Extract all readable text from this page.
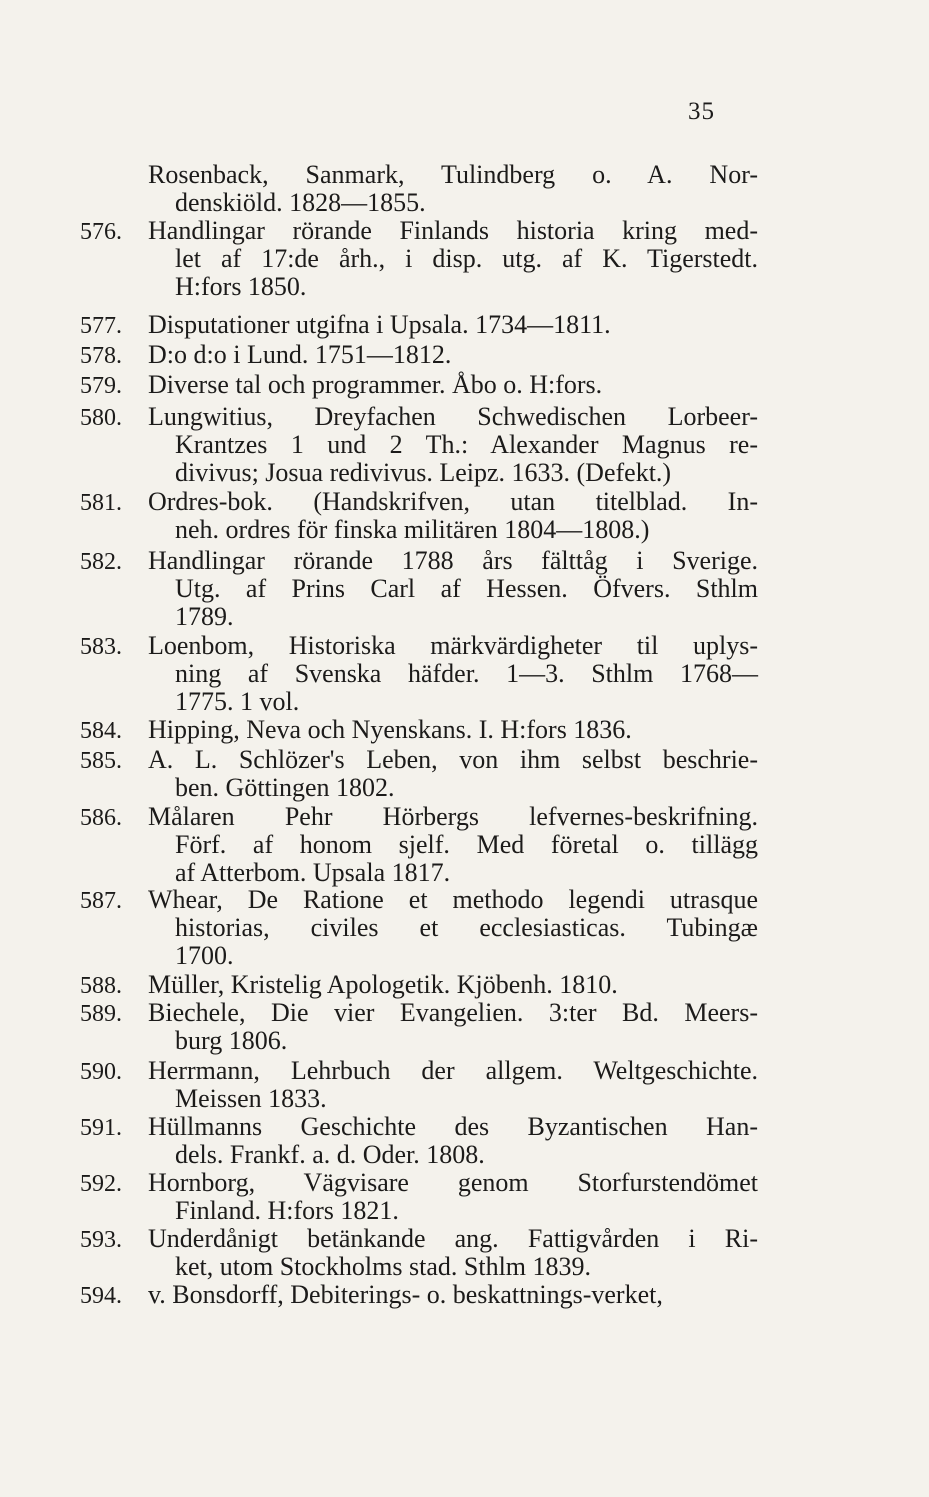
35
Rosenback, Sanmark, Tulindberg o. A. Nor-
denskiöld. 1828—1855.
576.	Handlingar rörande Finlands historia kring med-
let af 17:de årh., i disp. utg. af K. Tigerstedt.
H:fors 1850.
577.	Disputationer utgifna i Upsala. 1734—1811.
578.	D:o d:o i Lund. 1751—1812.
579.	Diverse tal och programmer. Åbo o. H:fors.
580.	Lungwitius, Dreyfachen Schwedischen Lorbeer-
Krantzes 1 und 2 Th.: Alexander Magnus re-
divivus; Josua redivivus. Leipz. 1633. (Defekt.)
581.	Ordres-bok. (Handskrifven, utan titelblad. In-
neh. ordres för finska militären 1804—1808.)
582.	Handlingar rörande 1788 års fälttåg i Sverige.
Utg. af Prins Carl af Hessen. Öfvers. Sthlm
1789.
583.	Loenbom, Historiska märkvärdigheter til uplys-
ning af Svenska häfder. 1—3. Sthlm 1768—
1775. 1 vol.
584.	Hipping, Neva och Nyenskans. I. H:fors 1836.
585.	A. L. Schlözer's Leben, von ihm selbst beschrie-
ben. Göttingen 1802.
586.	Målaren Pehr Hörbergs lefvernes-beskrifning.
Förf. af honom sjelf. Med företal o. tillägg
af Atterbom. Upsala 1817.
587.	Whear, De Ratione et methodo legendi utrasque
historias, civiles et ecclesiasticas. Tubingæ
1700.
588.	Müller, Kristelig Apologetik. Kjöbenh. 1810.
589.	Biechele, Die vier Evangelien. 3:ter Bd. Meers-
burg 1806.
590.	Herrmann, Lehrbuch der allgem. Weltgeschichte.
Meissen 1833.
591.	Hüllmanns Geschichte des Byzantischen Han-
dels. Frankf. a. d. Oder. 1808.
592.	Hornborg, Vägvisare genom Storfurstendömet
Finland. H:fors 1821.
593.	Underdånigt betänkande ang. Fattigvården i Ri-
ket, utom Stockholms stad. Sthlm 1839.
594.	v. Bonsdorff, Debiterings- o. beskattnings-verket,
